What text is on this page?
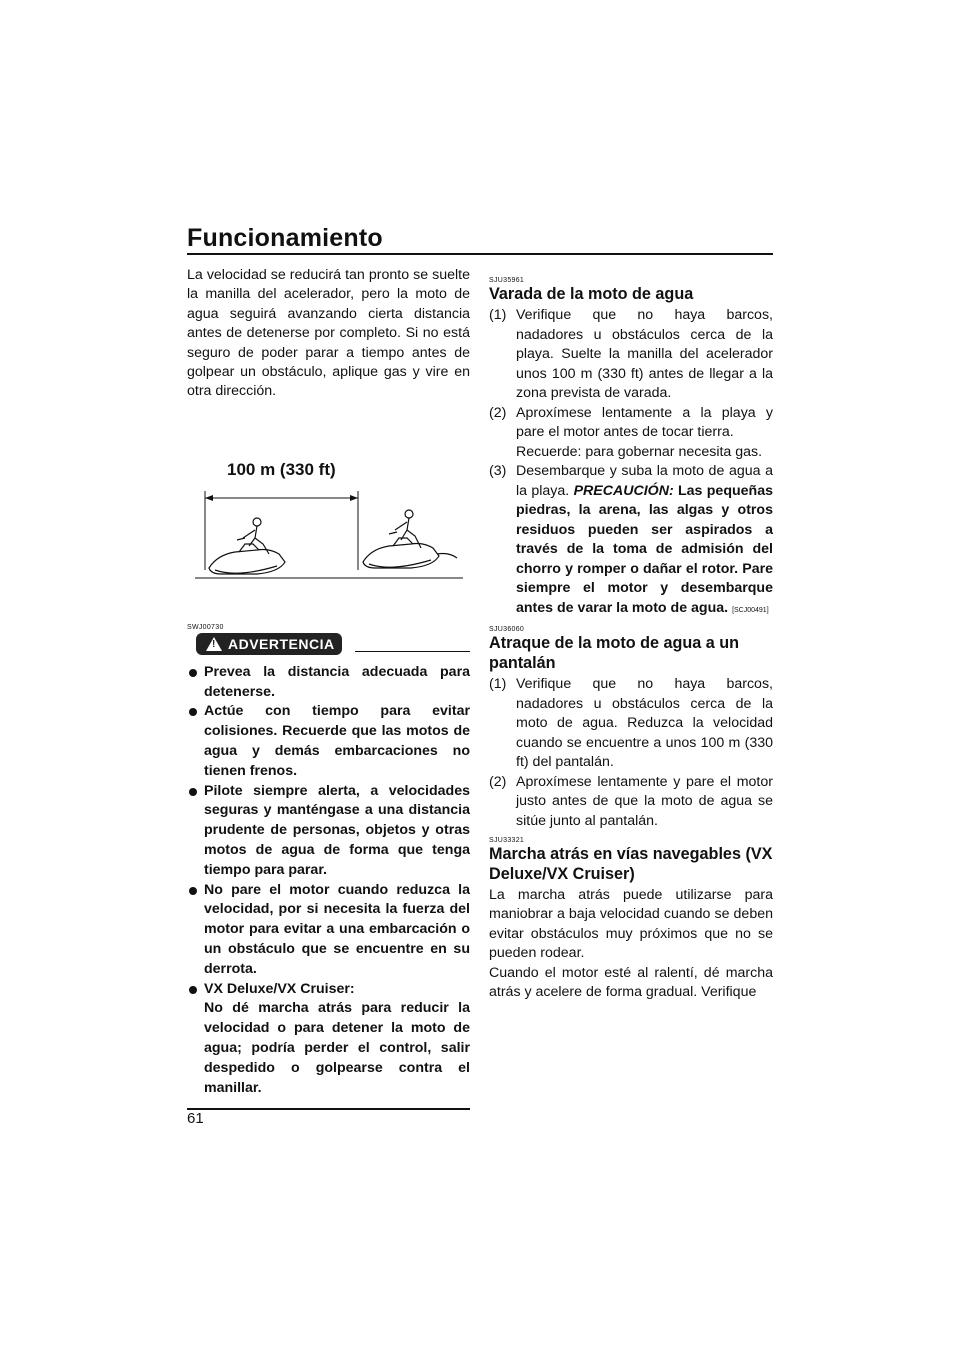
Funcionamiento

La velocidad se reducirá tan pronto se suelte la manilla del acelerador, pero la moto de agua seguirá avanzando cierta distancia antes de detenerse por completo. Si no está seguro de poder parar a tiempo antes de golpear un obstáculo, aplique gas y vire en otra dirección.

100 m (330 ft)
SWJ00730
!
ADVERTENCIA
Prevea la distancia adecuada para detenerse.
Actúe con tiempo para evitar colisiones. Recuerde que las motos de agua y demás embarcaciones no tienen frenos.
Pilote siempre alerta, a velocidades seguras y manténgase a una distancia prudente de personas, objetos y otras motos de agua de forma que tenga tiempo para parar.
No pare el motor cuando reduzca la velocidad, por si necesita la fuerza del motor para evitar a una embarcación o un obstáculo que se encuentre en su derrota.
VX Deluxe/VX Cruiser:
No dé marcha atrás para reducir la velocidad o para detener la moto de agua; podría perder el control, salir despedido o golpearse contra el manillar.
SJU35961
Varada de la moto de agua
(1) Verifique que no haya barcos, nadadores u obstáculos cerca de la playa. Suelte la manilla del acelerador unos 100 m (330 ft) antes de llegar a la zona prevista de varada.
(2) Aproxímese lentamente a la playa y pare el motor antes de tocar tierra.
Recuerde: para gobernar necesita gas.
(3) Desembarque y suba la moto de agua a la playa. PRECAUCIÓN: Las pequeñas piedras, la arena, las algas y otros residuos pueden ser aspirados a través de la toma de admisión del chorro y romper o dañar el rotor. Pare siempre el motor y desembarque antes de varar la moto de agua. [SCJ00491]
SJU36060
Atraque de la moto de agua a un pantalán
(1) Verifique que no haya barcos, nadadores u obstáculos cerca de la moto de agua. Reduzca la velocidad cuando se encuentre a unos 100 m (330 ft) del pantalán.
(2) Aproxímese lentamente y pare el motor justo antes de que la moto de agua se sitúe junto al pantalán.
SJU33321
Marcha atrás en vías navegables (VX Deluxe/VX Cruiser)

La marcha atrás puede utilizarse para maniobrar a baja velocidad cuando se deben evitar obstáculos muy próximos que no se pueden rodear.

Cuando el motor esté al ralentí, dé marcha atrás y acelere de forma gradual. Verifique

61
